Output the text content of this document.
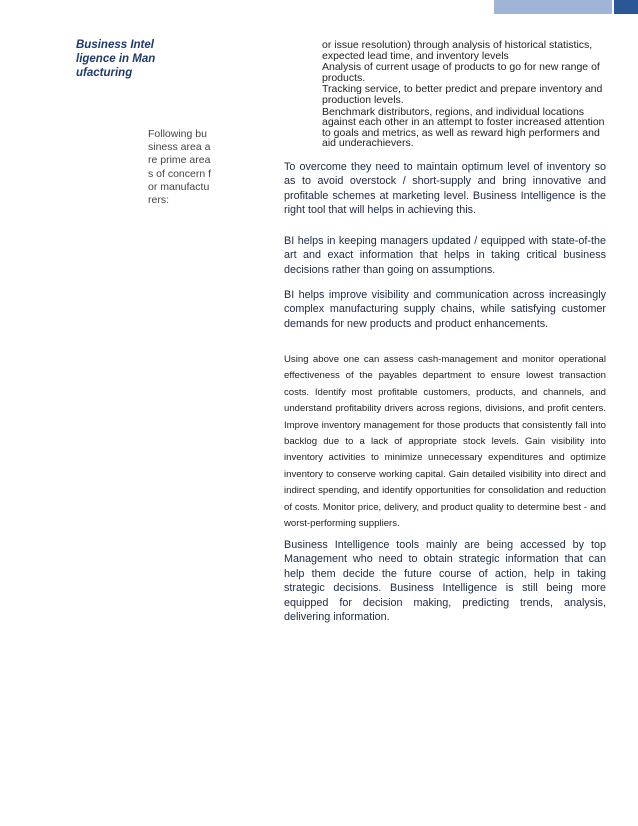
Business Intelligence in Manufacturing
Following business area are prime areas of concern for manufacturers:
or issue resolution) through analysis of historical statistics, expected lead time, and inventory levels
Analysis of current usage of products to go for new range of products.
Tracking service, to better predict and prepare inventory and production levels.
Benchmark distributors, regions, and individual locations against each other in an attempt to foster increased attention to goals and metrics, as well as reward high performers and aid underachievers.

To overcome they need to maintain optimum level of inventory so as to avoid overstock / short-supply and bring innovative and profitable schemes at marketing level. Business Intelligence is the right tool that will helps in achieving this.

BI helps in keeping managers updated / equipped with state-of-the art and exact information that helps in taking critical business decisions rather than going on assumptions.

BI helps improve visibility and communication across increasingly complex manufacturing supply chains, while satisfying customer demands for new products and product enhancements.

Using above one can assess cash-management and monitor operational effectiveness of the payables department to ensure lowest transaction costs. Identify most profitable customers, products, and channels, and understand profitability drivers across regions, divisions, and profit centers. Improve inventory management for those products that consistently fall into backlog due to a lack of appropriate stock levels. Gain visibility into inventory activities to minimize unnecessary expenditures and optimize inventory to conserve working capital. Gain detailed visibility into direct and indirect spending, and identify opportunities for consolidation and reduction of costs. Monitor price, delivery, and product quality to determine best - and worst-performing suppliers.

Business Intelligence tools mainly are being accessed by top Management who need to obtain strategic information that can help them decide the future course of action, help in taking strategic decisions. Business Intelligence is still being more equipped for decision making, predicting trends, analysis, delivering information.
